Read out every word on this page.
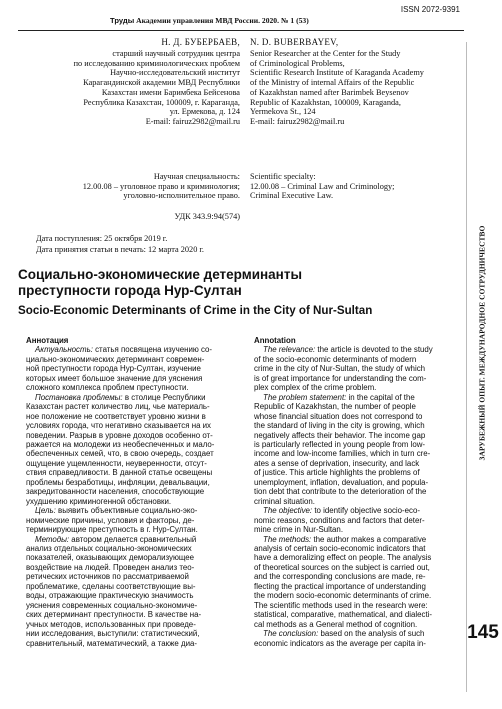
ISSN 2072-9391
Труды Академии управления МВД России. 2020. № 1 (53)
ЗАРУБЕЖНЫЙ ОПЫТ. МЕЖДУНАРОДНОЕ СОТРУДНИЧЕСТВО
145
Н. Д. БУБЕРБАЕВ,
старший научный сотрудник центра
по исследованию криминологических проблем
Научно-исследовательский институт
Карагандинской академии МВД Республики
Казахстан имени Баримбека Бейсенова
Республика Казахстан, 100009, г. Караганда,
ул. Ермекова, д. 124
E-mail: fairuz2982@mail.ru
Научная специальность:
12.00.08 – уголовное право и криминология;
уголовно-исполнительное право.
УДК 343.9:94(574)
N. D. BUBERBAYEV,
Senior Researcher at the Center for the Study
of Criminological Problems,
Scientific Research Institute of Karaganda Academy
of the Ministry of internal Affairs of the Republic
of Kazakhstan named after Barimbek Beysenov
Republic of Kazakhstan, 100009, Karaganda,
Yermekova St., 124
E-mail: fairuz2982@mail.ru
Scientific specialty:
12.00.08 – Criminal Law and Criminology;
Criminal Executive Law.
Дата поступления: 25 октября 2019 г.
Дата принятия статьи в печать: 12 марта 2020 г.
Социально-экономические детерминанты
преступности города Нур-Султан
Socio-Economic Determinants of Crime in the City of Nur-Sultan
Аннотация
Актуальность: статья посвящена изучению со-
циально-экономических детерминант современ-
ной преступности города Нур-Султан, изучение
которых имеет большое значение для уяснения
сложного комплекса проблем преступности.
Постановка проблемы: в столице Республики
Казахстан растет количество лиц, чье материаль-
ное положение не соответствует уровню жизни в
условиях города, что негативно сказывается на их
поведении. Разрыв в уровне доходов особенно от-
ражается на молодежи из необеспеченных и мало-
обеспеченных семей, что, в свою очередь, создает
ощущение ущемленности, неуверенности, отсут-
ствия справедливости. В данной статье освещены
проблемы безработицы, инфляции, девальвации,
закредитованности населения, способствующие
ухудшению криминогенной обстановки.
Цель: выявить объективные социально-эко-
номические причины, условия и факторы, де-
терминирующие преступность в г. Нур-Султан.
Методы: автором делается сравнительный
анализ отдельных социально-экономических
показателей, оказывающих деморализующее
воздействие на людей. Проведен анализ тео-
ретических источников по рассматриваемой
проблематике, сделаны соответствующие вы-
воды, отражающие практическую значимость
уяснения современных социально-экономиче-
ских детерминант преступности. В качестве на-
учных методов, использованных при проведе-
нии исследования, выступили: статистический,
сравнительный, математический, а также диа-
Annotation
The relevance: the article is devoted to the study
of the socio-economic determinants of modern
crime in the city of Nur-Sultan, the study of which
is of great importance for understanding the com-
plex complex of the crime problem.
The problem statement: in the capital of the
Republic of Kazakhstan, the number of people
whose financial situation does not correspond to
the standard of living in the city is growing, which
negatively affects their behavior. The income gap
is particularly reflected in young people from low-
income and low-income families, which in turn cre-
ates a sense of deprivation, insecurity, and lack
of justice. This article highlights the problems of
unemployment, inflation, devaluation, and popula-
tion debt that contribute to the deterioration of the
criminal situation.
The objective: to identify objective socio-eco-
nomic reasons, conditions and factors that deter-
mine crime in Nur-Sultan.
The methods: the author makes a comparative
analysis of certain socio-economic indicators that
have a demoralizing effect on people. The analysis
of theoretical sources on the subject is carried out,
and the corresponding conclusions are made, re-
flecting the practical importance of understanding
the modern socio-economic determinants of crime.
The scientific methods used in the research were:
statistical, comparative, mathematical, and dialecti-
cal methods as a General method of cognition.
The conclusion: based on the analysis of such
economic indicators as the average per capita in-
